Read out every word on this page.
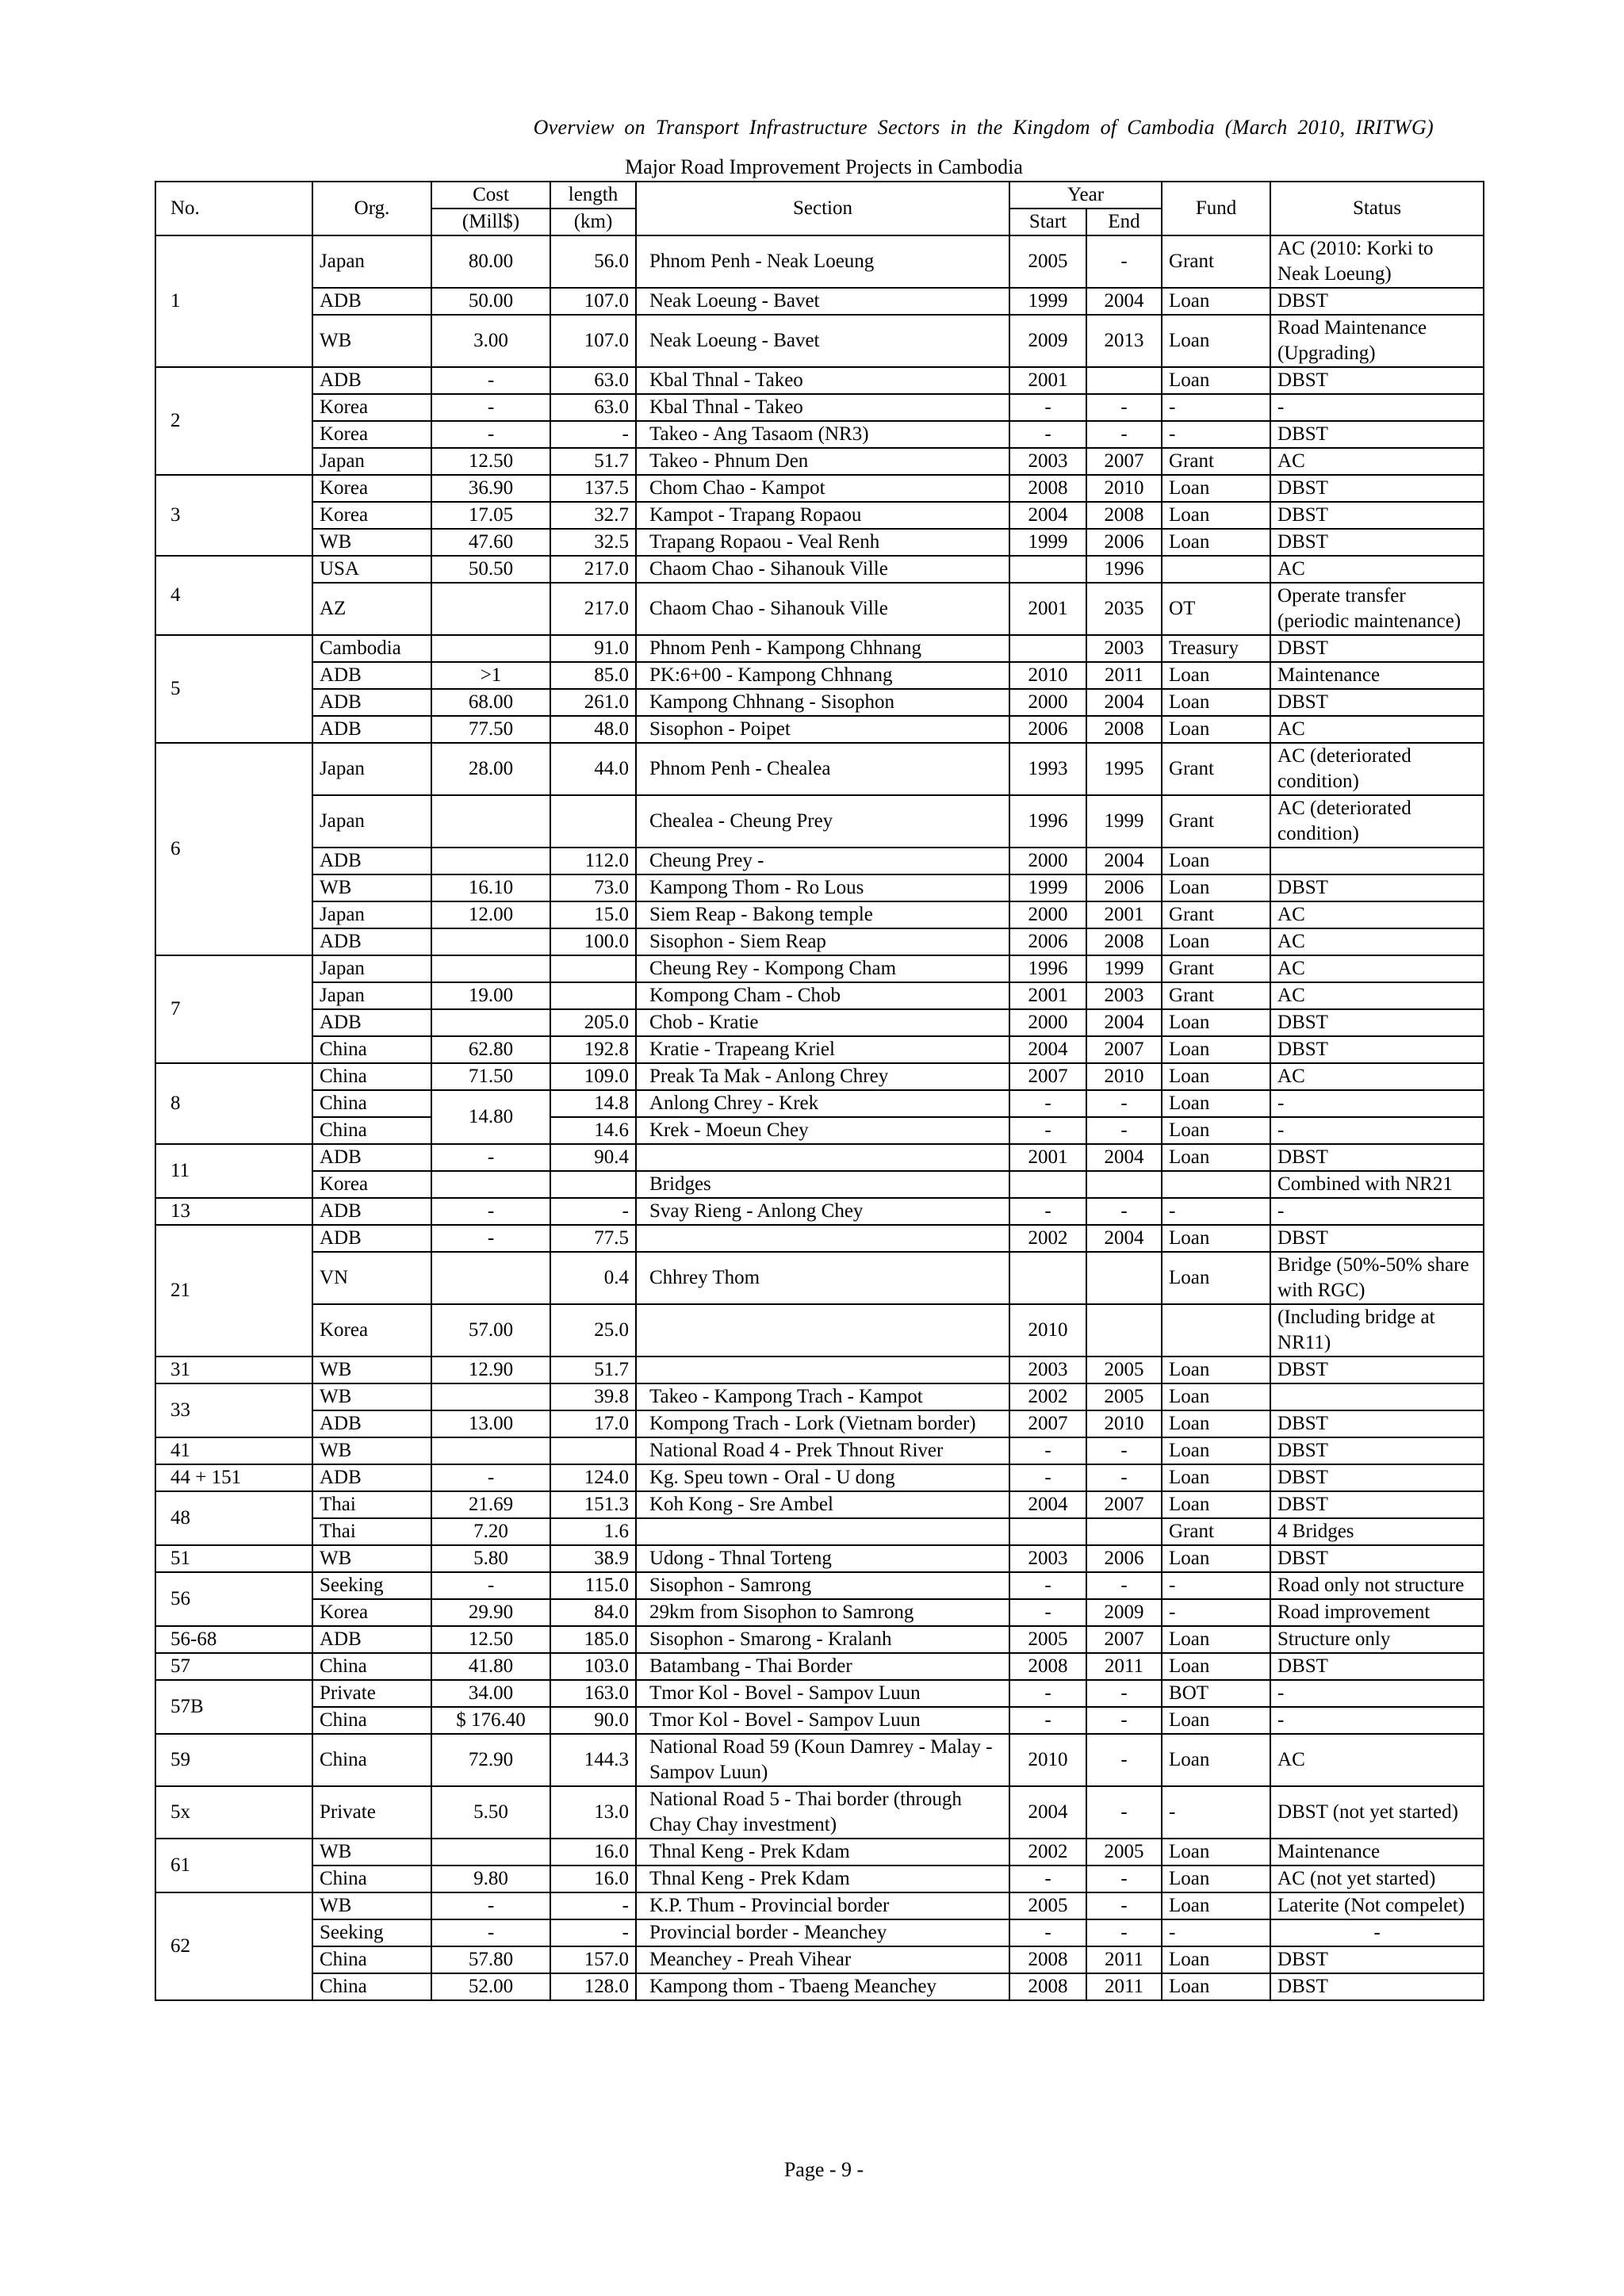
Overview on Transport Infrastructure Sectors in the Kingdom of Cambodia (March 2010, IRITWG)
Major Road Improvement Projects in Cambodia
No.	Org.	Cost	length	Section	Year		Fund	Status
		(Mill$)	(km)		Start	End		
1	Japan	80.00	56.0	Phnom Penh - Neak Loeung	2005	-	Grant	AC (2010: Korki to Neak Loeung)
	ADB	50.00	107.0	Neak Loeung - Bavet	1999	2004	Loan	DBST
	WB	3.00	107.0	Neak Loeung - Bavet	2009	2013	Loan	Road Maintenance (Upgrading)
2	ADB	-	63.0	Kbal Thnal - Takeo	2001		Loan	DBST
	Korea	-	63.0	Kbal Thnal - Takeo	-	-	-	-
	Korea	-	-	Takeo - Ang Tasaom (NR3)	-	-	-	DBST
	Japan	12.50	51.7	Takeo - Phnum Den	2003	2007	Grant	AC
3	Korea	36.90	137.5	Chom Chao - Kampot	2008	2010	Loan	DBST
	Korea	17.05	32.7	Kampot - Trapang Ropaou	2004	2008	Loan	DBST
	WB	47.60	32.5	Trapang Ropaou - Veal Renh	1999	2006	Loan	DBST
4	USA	50.50	217.0	Chaom Chao - Sihanouk Ville		1996		AC
	AZ		217.0	Chaom Chao - Sihanouk Ville	2001	2035	OT	Operate transfer (periodic maintenance)
5	Cambodia		91.0	Phnom Penh - Kampong Chhnang		2003	Treasury	DBST
	ADB	>1	85.0	PK:6+00 - Kampong Chhnang	2010	2011	Loan	Maintenance
	ADB	68.00	261.0	Kampong Chhnang - Sisophon	2000	2004	Loan	DBST
	ADB	77.50	48.0	Sisophon - Poipet	2006	2008	Loan	AC
6	Japan	28.00	44.0	Phnom Penh - Chealea	1993	1995	Grant	AC (deteriorated condition)
	Japan			Chealea - Cheung Prey	1996	1999	Grant	AC (deteriorated condition)
	ADB		112.0	Cheung Prey -	2000	2004	Loan	
	WB	16.10	73.0	Kampong Thom - Ro Lous	1999	2006	Loan	DBST
	Japan	12.00	15.0	Siem Reap - Bakong temple	2000	2001	Grant	AC
	ADB		100.0	Sisophon - Siem Reap	2006	2008	Loan	AC
7	Japan			Cheung Rey - Kompong Cham	1996	1999	Grant	AC
	Japan	19.00		Kompong Cham - Chob	2001	2003	Grant	AC
	ADB		205.0	Chob - Kratie	2000	2004	Loan	DBST
	China	62.80	192.8	Kratie - Trapeang Kriel	2004	2007	Loan	DBST
8	China	71.50	109.0	Preak Ta Mak - Anlong Chrey	2007	2010	Loan	AC
	China	14.80	14.8	Anlong Chrey - Krek	-	-	Loan	-
	China		14.6	Krek - Moeun Chey	-	-	Loan	-
11	ADB	-	90.4		2001	2004	Loan	DBST
	Korea			Bridges				Combined with NR21
13	ADB	-	-	Svay Rieng - Anlong Chey	-	-	-	-
21	ADB	-	77.5		2002	2004	Loan	DBST
	VN		0.4	Chhrey Thom			Loan	Bridge (50%-50% share with RGC)
	Korea	57.00	25.0		2010			(Including bridge at NR11)
31	WB	12.90	51.7		2003	2005	Loan	DBST
33	WB		39.8	Takeo - Kampong Trach - Kampot	2002	2005	Loan	
	ADB	13.00	17.0	Kompong Trach - Lork (Vietnam border)	2007	2010	Loan	DBST
41	WB			National Road 4 - Prek Thnout River	-	-	Loan	DBST
44 + 151	ADB	-	124.0	Kg. Speu town - Oral - U dong	-	-	Loan	DBST
48	Thai	21.69	151.3	Koh Kong - Sre Ambel	2004	2007	Loan	DBST
	Thai	7.20	1.6				Grant	4 Bridges
51	WB	5.80	38.9	Udong - Thnal Torteng	2003	2006	Loan	DBST
56	Seeking	-	115.0	Sisophon - Samrong	-	-	-	Road only not structure
	Korea	29.90	84.0	29km from Sisophon to Samrong	-	2009	-	Road improvement
56-68	ADB	12.50	185.0	Sisophon - Smarong - Kralanh	2005	2007	Loan	Structure only
57	China	41.80	103.0	Batambang - Thai Border	2008	2011	Loan	DBST
57B	Private	34.00	163.0	Tmor Kol - Bovel - Sampov Luun	-	-	BOT	-
	China	$ 176.40	90.0	Tmor Kol - Bovel - Sampov Luun	-	-	Loan	-
59	China	72.90	144.3	National Road 59 (Koun Damrey - Malay - Sampov Luun)	2010	-	Loan	AC
5x	Private	5.50	13.0	National Road 5 - Thai border (through Chay Chay investment)	2004	-	-	DBST (not yet started)
61	WB		16.0	Thnal Keng - Prek Kdam	2002	2005	Loan	Maintenance
	China	9.80	16.0	Thnal Keng - Prek Kdam	-	-	Loan	AC (not yet started)
62	WB	-	-	K.P. Thum - Provincial border	2005	-	Loan	Laterite (Not compelet)
	Seeking	-	-	Provincial border - Meanchey	-	-	-	-
	China	57.80	157.0	Meanchey - Preah Vihear	2008	2011	Loan	DBST
	China	52.00	128.0	Kampong thom - Tbaeng Meanchey	2008	2011	Loan	DBST
Page - 9 -
